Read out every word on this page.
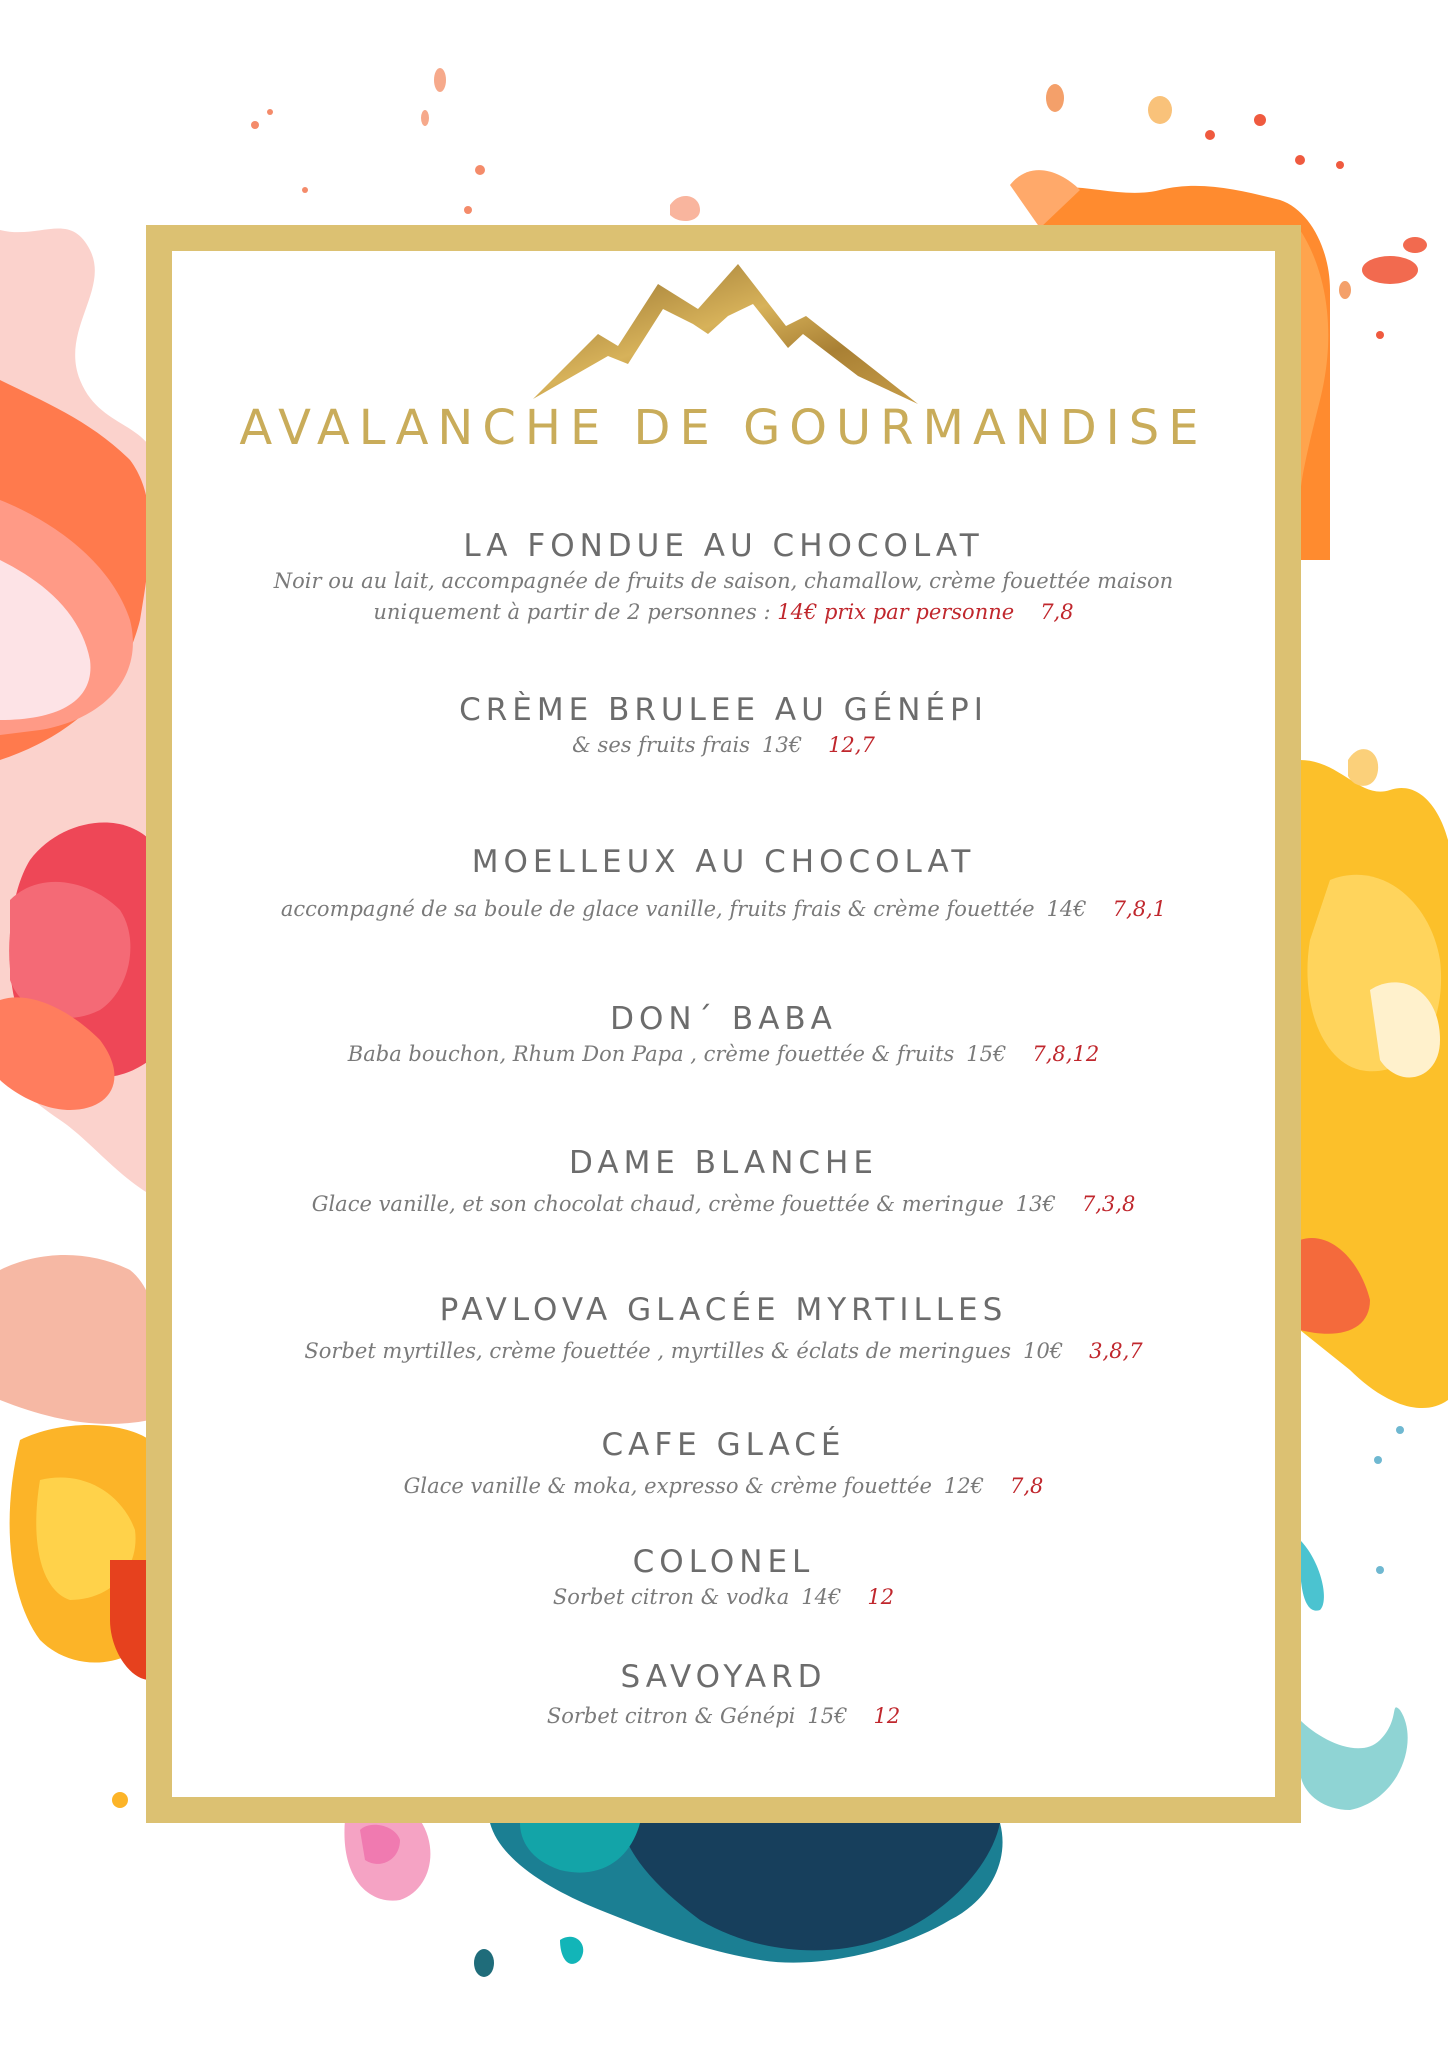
AVALANCHE DE GOURMANDISE
LA FONDUE AU CHOCOLAT
Noir ou au lait, accompagnée de fruits de saison, chamallow, crème fouettée maison
uniquement à partir de 2 personnes : 14€ prix par personne 7,8
CRÈME BRULEE AU GÉNÉPI
& ses fruits frais 13€ 12,7
MOELLEUX AU CHOCOLAT
accompagné de sa boule de glace vanille, fruits frais & crème fouettée 14€ 7,8,1
DON´ BABA
Baba bouchon, Rhum Don Papa , crème fouettée & fruits 15€ 7,8,12
DAME BLANCHE
Glace vanille, et son chocolat chaud, crème fouettée & meringue 13€ 7,3,8
PAVLOVA GLACÉE MYRTILLES
Sorbet myrtilles, crème fouettée , myrtilles & éclats de meringues 10€ 3,8,7
CAFE GLACÉ
Glace vanille & moka, expresso & crème fouettée 12€ 7,8
COLONEL
Sorbet citron & vodka 14€ 12
SAVOYARD
Sorbet citron & Génépi 15€ 12
